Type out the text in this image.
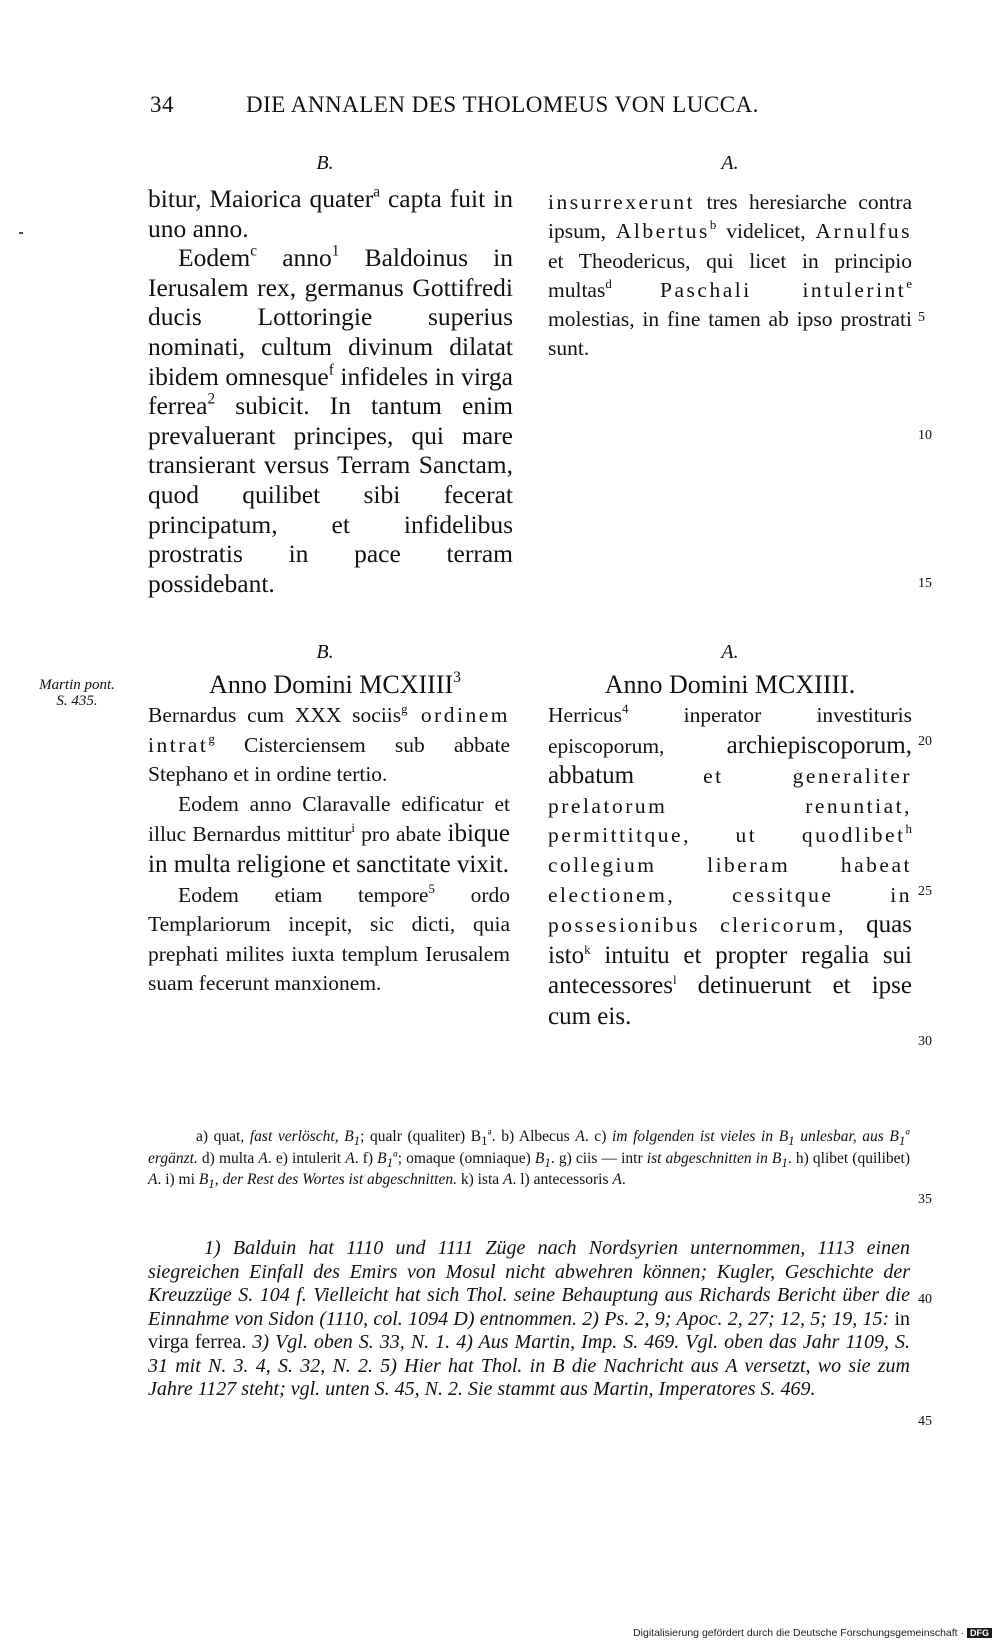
34	DIE ANNALEN DES THOLOMEUS VON LUCCA.
B.	A.

bitur, Maiorica quater$^a$ capta fuit in uno anno.

Eodem$^c$ anno$^1$ Baldoinus in Ierusalem rex, germanus Gottifredi ducis Lottoringie superius nominati, cultum divinum dilatat ibidem omnesque$^f$ infideles in virga ferrea$^2$ subicit. In tantum enim prevaluerant principes, qui mare transierant versus Terram Sanctam, quod quilibet sibi fecerat principatum, et infidelibus prostratis in pace terram possidebant.

insurrexerunt tres heresiarche contra ipsum, Albertus$^b$ videlicet, Arnulfus et Theodericus, qui licet in principio multas$^d$ Paschali intulerint$^e$ molestias, in fine tamen ab ipso prostrati sunt.

B.	A.
Martin pont.
S. 435.
Anno Domini MCXIIII$^3$	Anno Domini MCXIIII.

Bernardus cum XXX sociis$^g$ ordinem intrat$^g$ Cisterciensem sub abbate Stephano et in ordine tertio.

Eodem anno Claravalle edificatur et illuc Bernardus mittitur$^i$ pro abate ibique in multa religione et sanctitate vixit.

Eodem etiam tempore$^5$ ordo Templariorum incepit, sic dicti, quia prephati milites iuxta templum Ierusalem suam fecerunt manxionem.

Herricus$^4$ inperator investituris episcoporum, archiepiscoporum, abbatum et generaliter prelatorum renuntiat, permittitque, ut quodlibet$^h$ collegium liberam habeat electionem, cessitque in possesionibus clericorum, quas isto$^k$ intuitu et propter regalia sui antecessores$^l$ detinuerunt et ipse cum eis.

5
10
15
20
25
30
35
40
45

a) quat, fast verlöscht, $B_1$; qualr (qualiter) $B_1^a$. b) Albecus A. c) im folgenden ist vieles in $B_1$ unlesbar, aus $B_1^a$ ergänzt. d) multa A. e) intulerit A. f) $B_1^a$; omaque (omniaque) $B_1$. g) ciis — intr ist abgeschnitten in $B_1$. h) qlibet (quilibet) A. i) mi $B_1$, der Rest des Wortes ist abgeschnitten. k) ista A. l) antecessoris A.

1) Balduin hat 1110 und 1111 Züge nach Nordsyrien unternommen, 1113 einen siegreichen Einfall des Emirs von Mosul nicht abwehren können; Kugler, Geschichte der Kreuzzüge S. 104 f. Vielleicht hat sich Thol. seine Behauptung aus Richards Bericht über die Einnahme von Sidon (1110, col. 1094 D) entnommen. 2) Ps. 2, 9; Apoc. 2, 27; 12, 5; 19, 15: in virga ferrea. 3) Vgl. oben S. 33, N. 1. 4) Aus Martin, Imp. S. 469. Vgl. oben das Jahr 1109, S. 31 mit N. 3. 4, S. 32, N. 2. 5) Hier hat Thol. in B die Nachricht aus A versetzt, wo sie zum Jahre 1127 steht; vgl. unten S. 45, N. 2. Sie stammt aus Martin, Imperatores S. 469.

Digitalisierung gefördert durch die Deutsche Forschungsgemeinschaft · DFG
